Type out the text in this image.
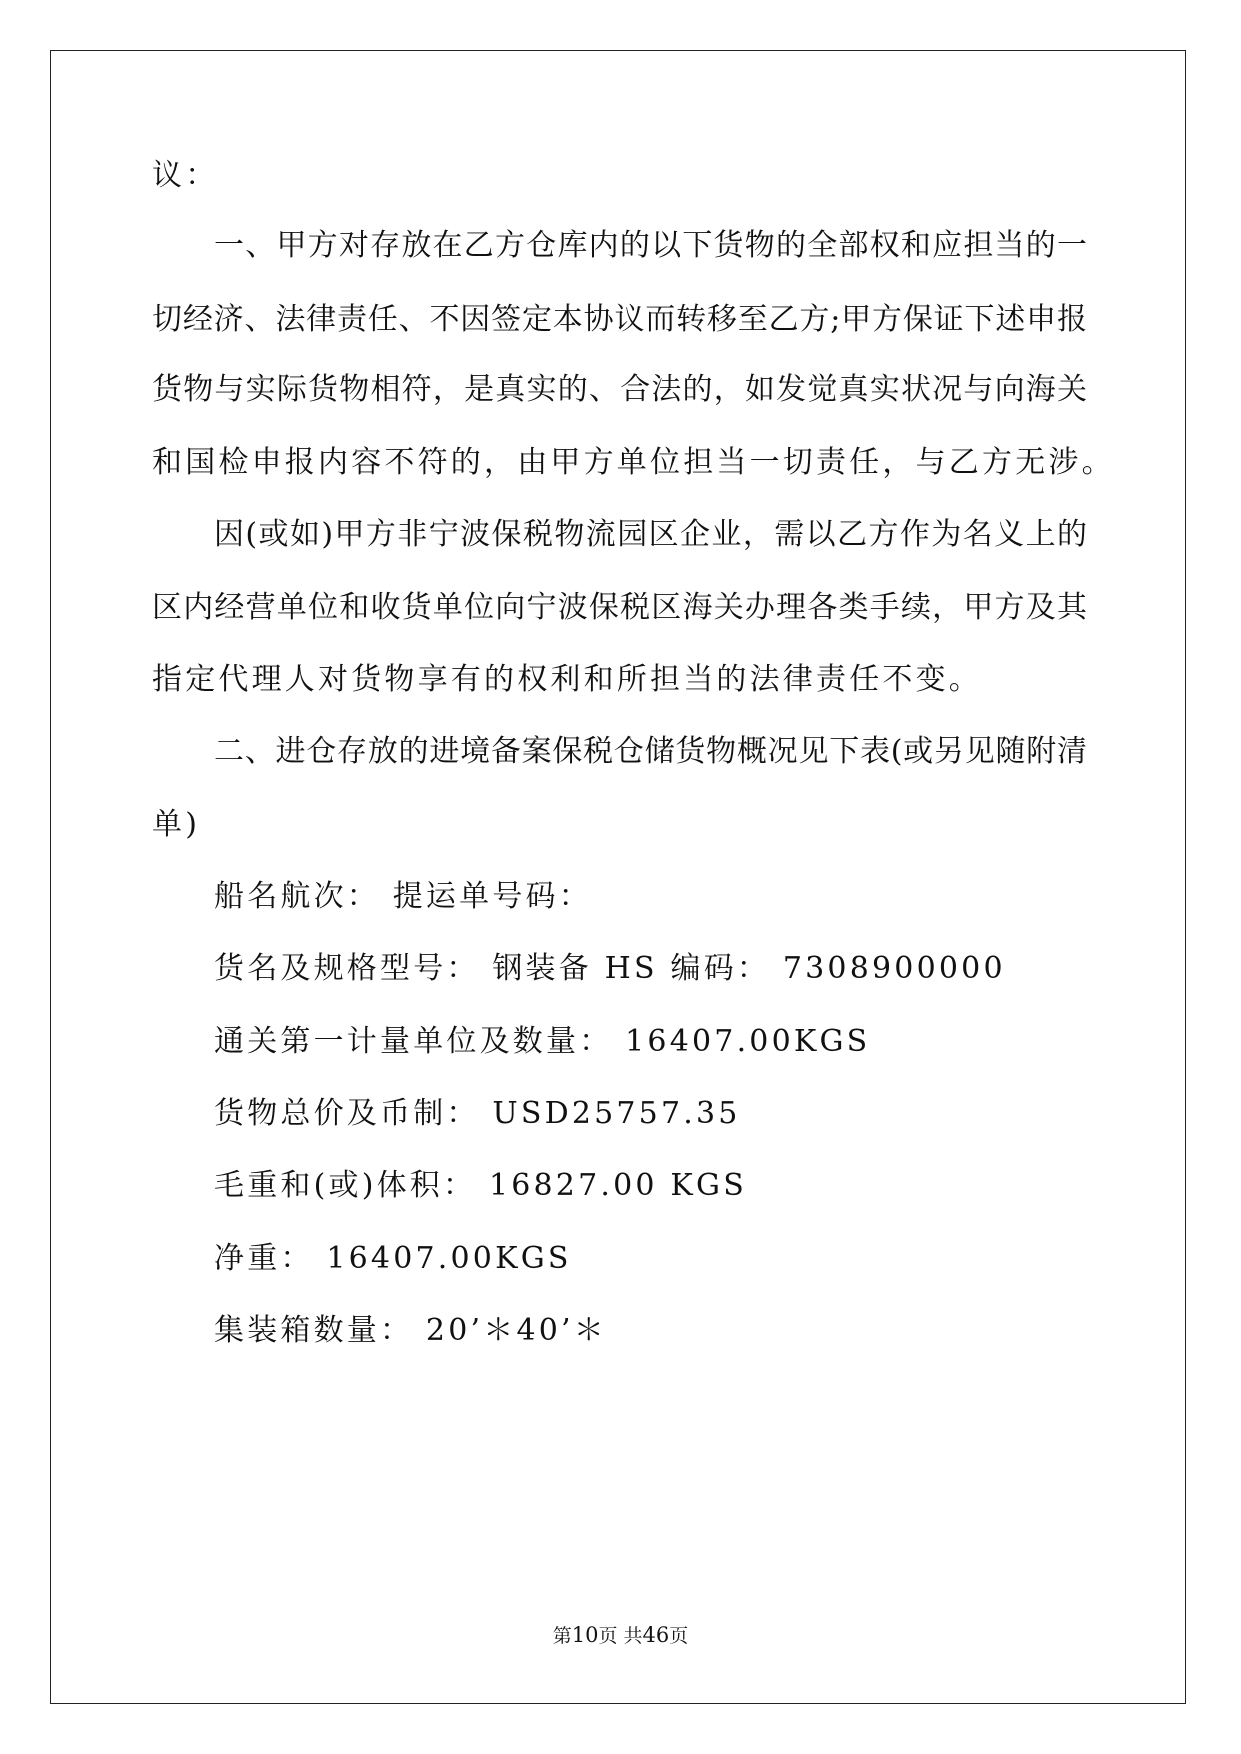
议：
一、甲方对存放在乙方仓库内的以下货物的全部权和应担当的一
切经济、法律责任、不因签定本协议而转移至乙方;甲方保证下述申报
货物与实际货物相符，是真实的、合法的，如发觉真实状况与向海关
和国检申报内容不符的，由甲方单位担当一切责任，与乙方无涉。
因(或如)甲方非宁波保税物流园区企业，需以乙方作为名义上的
区内经营单位和收货单位向宁波保税区海关办理各类手续，甲方及其
指定代理人对货物享有的权利和所担当的法律责任不变。
二、进仓存放的进境备案保税仓储货物概况见下表(或另见随附清
单)
船名航次： 提运单号码：
货名及规格型号： 钢装备 HS 编码： 7308900000
通关第一计量单位及数量： 16407.00KGS
货物总价及币制： USD25757.35
毛重和(或)体积： 16827.00 KGS
净重： 16407.00KGS
集装箱数量： 20’＊40’＊
第10页 共46页
